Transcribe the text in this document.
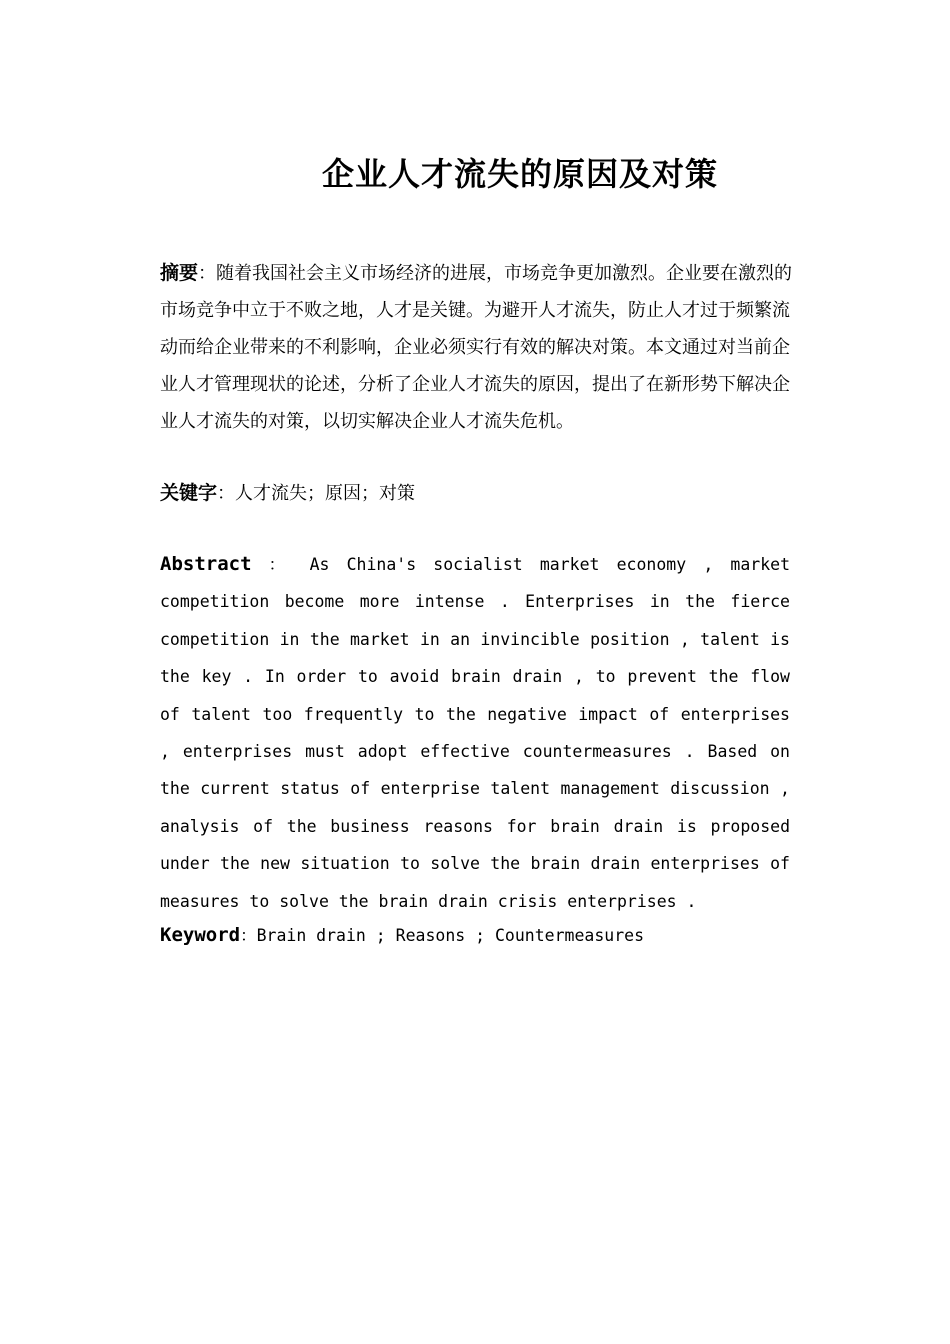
企业人才流失的原因及对策

摘要：随着我国社会主义市场经济的进展，市场竞争更加激烈。企业要在激烈的市场竞争中立于不败之地，人才是关键。为避开人才流失，防止人才过于频繁流动而给企业带来的不利影响，企业必须实行有效的解决对策。本文通过对当前企业人才管理现状的论述，分析了企业人才流失的原因，提出了在新形势下解决企业人才流失的对策，以切实解决企业人才流失危机。

关键字：人才流失；原因；对策

Abstract ： As China's socialist market economy , market competition become more intense . Enterprises in the fierce competition in the market in an invincible position , talent is the key . In order to avoid brain drain , to prevent the flow of talent too frequently to the negative impact of enterprises , enterprises must adopt effective countermeasures . Based on the current status of enterprise talent management discussion , analysis of the business reasons for brain drain is proposed under the new situation to solve the brain drain enterprises of measures to solve the brain drain crisis enterprises .

Keyword：Brain drain ; Reasons ; Countermeasures
